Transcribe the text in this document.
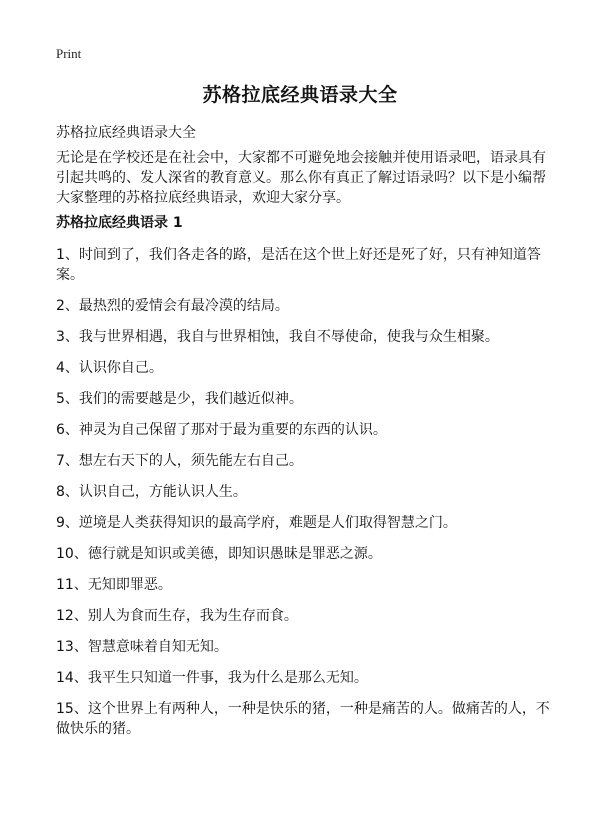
Print
苏格拉底经典语录大全

苏格拉底经典语录大全

无论是在学校还是在社会中，大家都不可避免地会接触并使用语录吧，语录具有引起共鸣的、发人深省的教育意义。那么你有真正了解过语录吗？以下是小编帮大家整理的苏格拉底经典语录，欢迎大家分享。

苏格拉底经典语录 1
1、时间到了，我们各走各的路，是活在这个世上好还是死了好，只有神知道答案。
2、最热烈的爱情会有最冷漠的结局。
3、我与世界相遇，我自与世界相蚀，我自不辱使命，使我与众生相聚。
4、认识你自己。
5、我们的需要越是少，我们越近似神。
6、神灵为自己保留了那对于最为重要的东西的认识。
7、想左右天下的人，须先能左右自己。
8、认识自己，方能认识人生。
9、逆境是人类获得知识的最高学府，难题是人们取得智慧之门。
10、德行就是知识或美德，即知识愚昧是罪恶之源。
11、无知即罪恶。
12、别人为食而生存，我为生存而食。
13、智慧意味着自知无知。
14、我平生只知道一件事，我为什么是那么无知。
15、这个世界上有两种人，一种是快乐的猪，一种是痛苦的人。做痛苦的人，不做快乐的猪。
